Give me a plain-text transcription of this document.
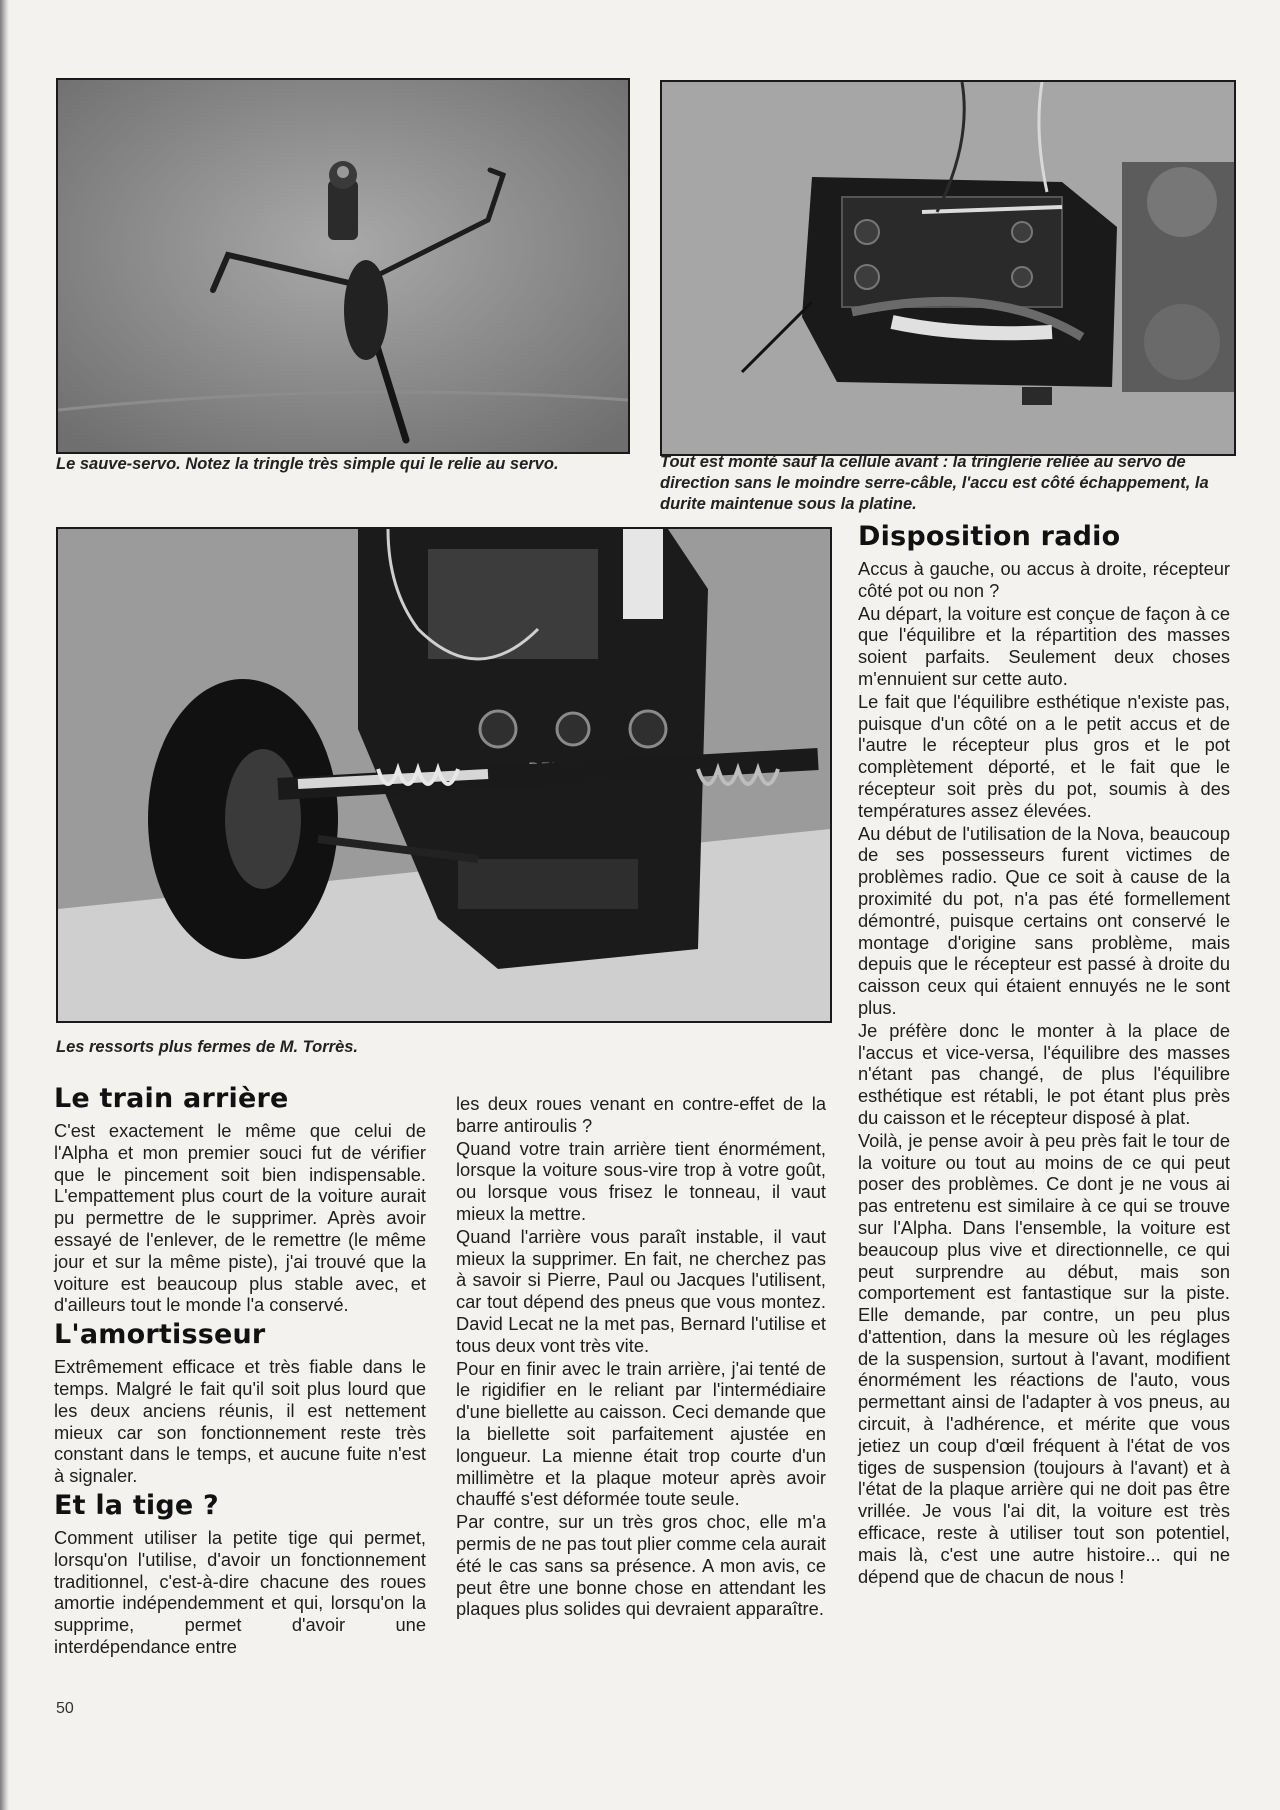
Le sauve-servo. Notez la tringle très simple qui le relie au servo.	Tout est monté sauf la cellule avant : la tringlerie reliée au servo de direction sans le moindre serre-câble, l'accu est côté échappement, la durite maintenue sous la platine.
Les ressorts plus fermes de M. Torrès.
Le train arrière

C'est exactement le même que celui de l'Alpha et mon premier souci fut de vérifier que le pincement soit bien indispensable. L'empattement plus court de la voiture aurait pu permettre de le supprimer. Après avoir essayé de l'enlever, de le remettre (le même jour et sur la même piste), j'ai trouvé que la voiture est beaucoup plus stable avec, et d'ailleurs tout le monde l'a conservé.

L'amortisseur

Extrêmement efficace et très fiable dans le temps. Malgré le fait qu'il soit plus lourd que les deux anciens réunis, il est nettement mieux car son fonctionnement reste très constant dans le temps, et aucune fuite n'est à signaler.

Et la tige ?

Comment utiliser la petite tige qui permet, lorsqu'on l'utilise, d'avoir un fonctionnement traditionnel, c'est-à-dire chacune des roues amortie indépendemment et qui, lorsqu'on la supprime, permet d'avoir une interdépendance entre

les deux roues venant en contre-effet de la barre antiroulis ?

Quand votre train arrière tient énormément, lorsque la voiture sous-vire trop à votre goût, ou lorsque vous frisez le tonneau, il vaut mieux la mettre.

Quand l'arrière vous paraît instable, il vaut mieux la supprimer. En fait, ne cherchez pas à savoir si Pierre, Paul ou Jacques l'utilisent, car tout dépend des pneus que vous montez. David Lecat ne la met pas, Bernard l'utilise et tous deux vont très vite.

Pour en finir avec le train arrière, j'ai tenté de le rigidifier en le reliant par l'intermédiaire d'une biellette au caisson. Ceci demande que la biellette soit parfaitement ajustée en longueur. La mienne était trop courte d'un millimètre et la plaque moteur après avoir chauffé s'est déformée toute seule.

Par contre, sur un très gros choc, elle m'a permis de ne pas tout plier comme cela aurait été le cas sans sa présence. A mon avis, ce peut être une bonne chose en attendant les plaques plus solides qui devraient apparaître.

Disposition radio

Accus à gauche, ou accus à droite, récepteur côté pot ou non ?

Au départ, la voiture est conçue de façon à ce que l'équilibre et la répartition des masses soient parfaits. Seulement deux choses m'ennuient sur cette auto.

Le fait que l'équilibre esthétique n'existe pas, puisque d'un côté on a le petit accus et de l'autre le récepteur plus gros et le pot complètement déporté, et le fait que le récepteur soit près du pot, soumis à des températures assez élevées.

Au début de l'utilisation de la Nova, beaucoup de ses possesseurs furent victimes de problèmes radio. Que ce soit à cause de la proximité du pot, n'a pas été formellement démontré, puisque certains ont conservé le montage d'origine sans problème, mais depuis que le récepteur est passé à droite du caisson ceux qui étaient ennuyés ne le sont plus.

Je préfère donc le monter à la place de l'accus et vice-versa, l'équilibre des masses n'étant pas changé, de plus l'équilibre esthétique est rétabli, le pot étant plus près du caisson et le récepteur disposé à plat.

Voilà, je pense avoir à peu près fait le tour de la voiture ou tout au moins de ce qui peut poser des problèmes. Ce dont je ne vous ai pas entretenu est similaire à ce qui se trouve sur l'Alpha. Dans l'ensemble, la voiture est beaucoup plus vive et directionnelle, ce qui peut surprendre au début, mais son comportement est fantastique sur la piste. Elle demande, par contre, un peu plus d'attention, dans la mesure où les réglages de la suspension, surtout à l'avant, modifient énormément les réactions de l'auto, vous permettant ainsi de l'adapter à vos pneus, au circuit, à l'adhérence, et mérite que vous jetiez un coup d'œil fréquent à l'état de vos tiges de suspension (toujours à l'avant) et à l'état de la plaque arrière qui ne doit pas être vrillée. Je vous l'ai dit, la voiture est très efficace, reste à utiliser tout son potentiel, mais là, c'est une autre histoire... qui ne dépend que de chacun de nous !

50
